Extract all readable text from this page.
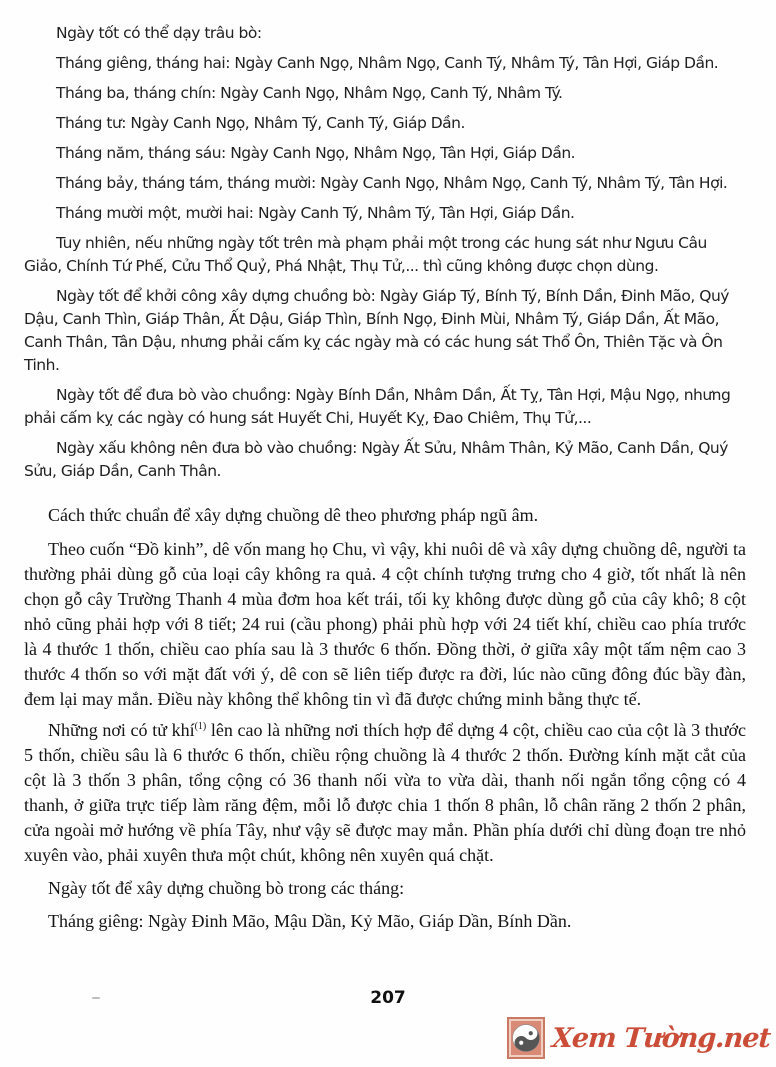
Ngày tốt có thể dạy trâu bò:

Tháng giêng, tháng hai: Ngày Canh Ngọ, Nhâm Ngọ, Canh Tý, Nhâm Tý, Tân Hợi, Giáp Dần.

Tháng ba, tháng chín: Ngày Canh Ngọ, Nhâm Ngọ, Canh Tý, Nhâm Tý.

Tháng tư: Ngày Canh Ngọ, Nhâm Tý, Canh Tý, Giáp Dần.

Tháng năm, tháng sáu: Ngày Canh Ngọ, Nhâm Ngọ, Tân Hợi, Giáp Dần.

Tháng bảy, tháng tám, tháng mười: Ngày Canh Ngọ, Nhâm Ngọ, Canh Tý, Nhâm Tý, Tân Hợi.

Tháng mười một, mười hai: Ngày Canh Tý, Nhâm Tý, Tân Hợi, Giáp Dần.

Tuy nhiên, nếu những ngày tốt trên mà phạm phải một trong các hung sát như Ngưu Câu Giảo, Chính Tứ Phế, Cửu Thổ Quỷ, Phá Nhật, Thụ Tử,... thì cũng không được chọn dùng.

Ngày tốt để khởi công xây dựng chuồng bò: Ngày Giáp Tý, Bính Tý, Bính Dần, Đinh Mão, Quý Dậu, Canh Thìn, Giáp Thân, Ất Dậu, Giáp Thìn, Bính Ngọ, Đinh Mùi, Nhâm Tý, Giáp Dần, Ất Mão, Canh Thân, Tân Dậu, nhưng phải cấm kỵ các ngày mà có các hung sát Thổ Ôn, Thiên Tặc và Ôn Tinh.

Ngày tốt để đưa bò vào chuồng: Ngày Bính Dần, Nhâm Dần, Ất Tỵ, Tân Hợi, Mậu Ngọ, nhưng phải cấm kỵ các ngày có hung sát Huyết Chi, Huyết Kỵ, Đao Chiêm, Thụ Tử,...

Ngày xấu không nên đưa bò vào chuồng: Ngày Ất Sửu, Nhâm Thân, Kỷ Mão, Canh Dần, Quý Sửu, Giáp Dần, Canh Thân.

Cách thức chuẩn để xây dựng chuồng dê theo phương pháp ngũ âm.

Theo cuốn “Đồ kinh”, dê vốn mang họ Chu, vì vậy, khi nuôi dê và xây dựng chuồng dê, người ta thường phải dùng gỗ của loại cây không ra quả. 4 cột chính tượng trưng cho 4 giờ, tốt nhất là nên chọn gỗ cây Trường Thanh 4 mùa đơm hoa kết trái, tối kỵ không được dùng gỗ của cây khô; 8 cột nhỏ cũng phải hợp với 8 tiết; 24 rui (cầu phong) phải phù hợp với 24 tiết khí, chiều cao phía trước là 4 thước 1 thốn, chiều cao phía sau là 3 thước 6 thốn. Đồng thời, ở giữa xây một tấm nệm cao 3 thước 4 thốn so với mặt đất với ý, dê con sẽ liên tiếp được ra đời, lúc nào cũng đông đúc bầy đàn, đem lại may mắn. Điều này không thể không tin vì đã được chứng minh bằng thực tế.

Những nơi có tử khí$^{(1)}$ lên cao là những nơi thích hợp để dựng 4 cột, chiều cao của cột là 3 thước 5 thốn, chiều sâu là 6 thước 6 thốn, chiều rộng chuồng là 4 thước 2 thốn. Đường kính mặt cắt của cột là 3 thốn 3 phân, tổng cộng có 36 thanh nối vừa to vừa dài, thanh nối ngắn tổng cộng có 4 thanh, ở giữa trực tiếp làm răng đệm, mỗi lỗ được chia 1 thốn 8 phân, lỗ chân răng 2 thốn 2 phân, cửa ngoài mở hướng về phía Tây, như vậy sẽ được may mắn. Phần phía dưới chỉ dùng đoạn tre nhỏ xuyên vào, phải xuyên thưa một chút, không nên xuyên quá chặt.

Ngày tốt để xây dựng chuồng bò trong các tháng:

Tháng giêng: Ngày Đinh Mão, Mậu Dần, Kỷ Mão, Giáp Dần, Bính Dần.

207
Xem Tường.net
